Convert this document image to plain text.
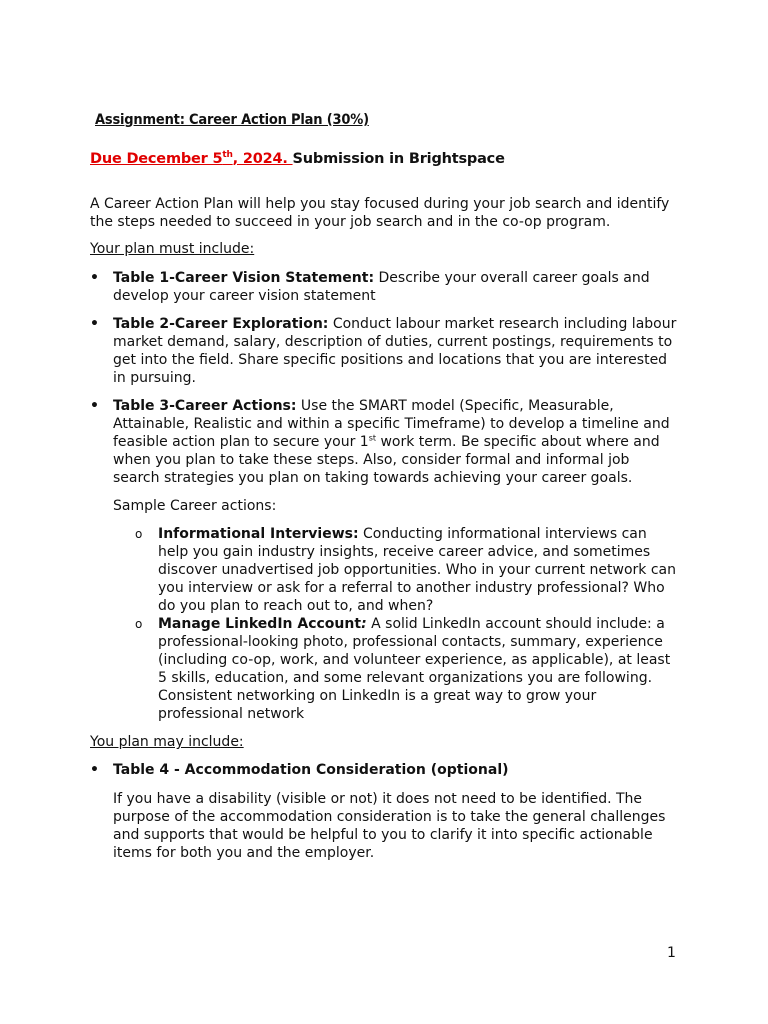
Assignment: Career Action Plan (30%)

Due December 5th, 2024. Submission in Brightspace

A Career Action Plan will help you stay focused during your job search and identify the steps needed to succeed in your job search and in the co-op program.

Your plan must include:

• Table 1-Career Vision Statement: Describe your overall career goals and develop your career vision statement
• Table 2-Career Exploration: Conduct labour market research including labour market demand, salary, description of duties, current postings, requirements to get into the field. Share specific positions and locations that you are interested in pursuing.
• Table 3-Career Actions: Use the SMART model (Specific, Measurable, Attainable, Realistic and within a specific Timeframe) to develop a timeline and feasible action plan to secure your 1st work term. Be specific about where and when you plan to take these steps. Also, consider formal and informal job search strategies you plan on taking towards achieving your career goals.

Sample Career actions:

o Informational Interviews: Conducting informational interviews can help you gain industry insights, receive career advice, and sometimes discover unadvertised job opportunities. Who in your current network can you interview or ask for a referral to another industry professional? Who do you plan to reach out to, and when?
o Manage LinkedIn Account: A solid LinkedIn account should include: a professional-looking photo, professional contacts, summary, experience (including co-op, work, and volunteer experience, as applicable), at least 5 skills, education, and some relevant organizations you are following. Consistent networking on LinkedIn is a great way to grow your professional network

You plan may include:

• Table 4 - Accommodation Consideration (optional)

If you have a disability (visible or not) it does not need to be identified. The purpose of the accommodation consideration is to take the general challenges and supports that would be helpful to you to clarify it into specific actionable items for both you and the employer.

1
